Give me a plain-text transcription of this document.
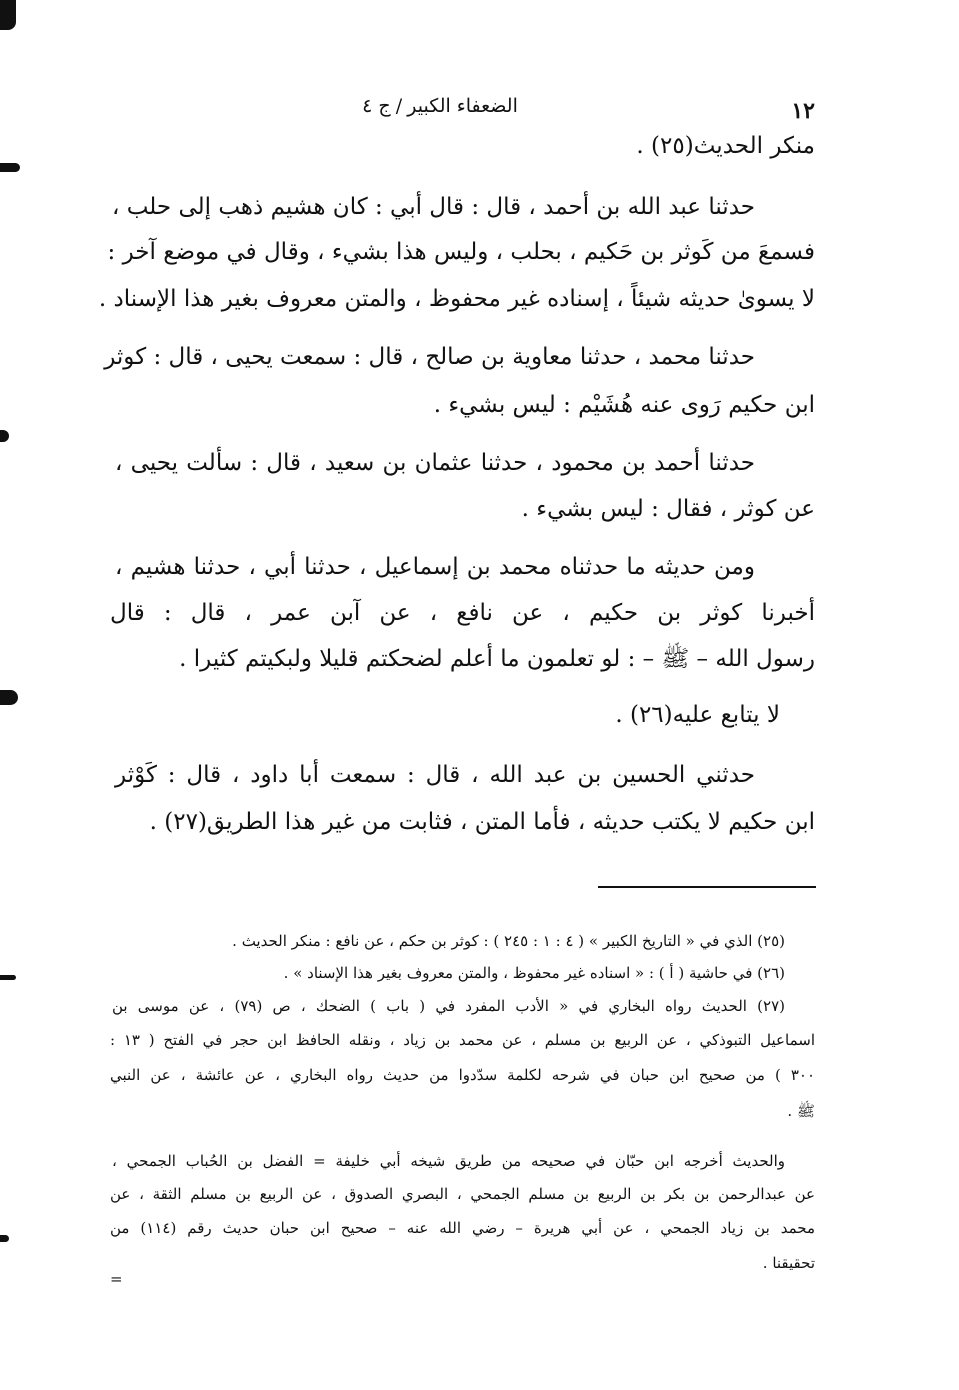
١٢
الضعفاء الكبير / ج ٤
منكر الحديث(٢٥) .
حدثنا عبد الله بن أحمد ، قال : قال أبي : كان هشيم ذهب إلى حلب ،
فسمعَ من كَوثر بن حَكيم ، بحلب ، وليس هذا بشيء ، وقال في موضع آخر :
لا يسوىٰ حديثه شيئاً ، إسناده غير محفوظ ، والمتن معروف بغير هذا الإسناد .
حدثنا محمد ، حدثنا معاوية بن صالح ، قال : سمعت يحيى ، قال : كوثر
ابن حكيم رَوى عنه هُشَيْم : ليس بشيء .
حدثنا أحمد بن محمود ، حدثنا عثمان بن سعيد ، قال : سألت يحيى ،
عن كوثر ، فقال : ليس بشيء .
ومن حديثه ما حدثناه محمد بن إسماعيل ، حدثنا أبي ، حدثنا هشيم ،
أخبرنا كوثر بن حكيم ، عن نافع ، عن آبن عمر ، قال : قال
رسول الله – ﷺ – : لو تعلمون ما أعلم لضحكتم قليلا ولبكيتم كثيرا .
لا يتابع عليه(٢٦) .
حدثني الحسين بن عبد الله ، قال : سمعت أبا داود ، قال : كَوْثر
ابن حكيم لا يكتب حديثه ، فأما المتن ، فثابت من غير هذا الطريق(٢٧) .
(٢٥) الذي في « التاريخ الكبير » ( ٤ : ١ : ٢٤٥ ) : كوثر بن حكم ، عن نافع : منكر الحديث .
(٢٦) في حاشية ( أ ) : « اسناده غير محفوظ ، والمتن معروف بغير هذا الإسناد » .
(٢٧) الحديث رواه البخاري في « الأدب المفرد في ( باب ) الضحك ، ص (٧٩) ، عن موسى بن
اسماعيل التبوذكي ، عن الربيع بن مسلم ، عن محمد بن زياد ، ونقله الحافظ ابن حجر في الفتح ( ١٣ :
٣٠٠ ) من صحيح ابن حبان في شرحه لكلمة سدّدوا من حديث رواه البخاري ، عن عائشة ، عن النبي
ﷺ .
والحديث أخرجه ابن حبّان في صحيحه من طريق شيخه أبي خليفة = الفضل بن الحُباب الجمحي ،
عن عبدالرحمن بن بكر بن الربيع بن مسلم الجمحي ، البصري الصدوق ، عن الربيع بن مسلم الثقة ، عن
محمد بن زياد الجمحي ، عن أبي هريرة – رضي الله عنه – صحيح ابن حبان حديث رقم (١١٤) من
تحقيقنا .
=
